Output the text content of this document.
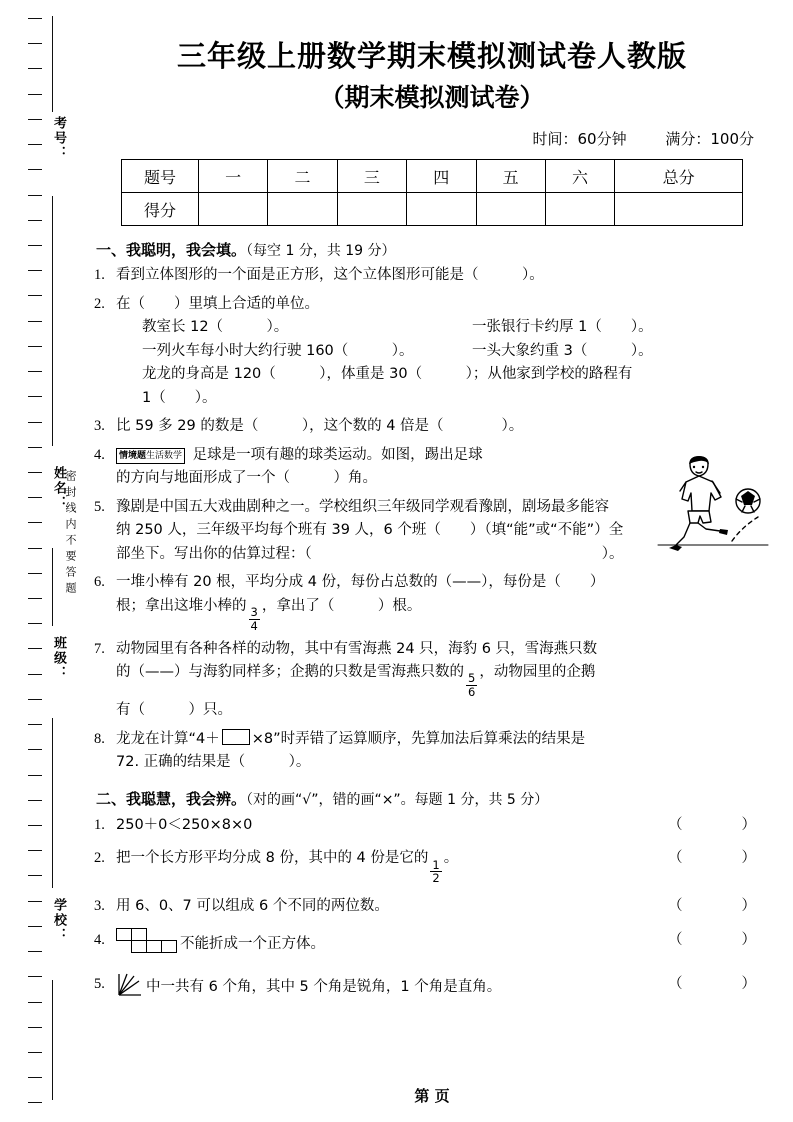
考号：
姓名：
班级：
学校：
密封线内不要答题
三年级上册数学期末模拟测试卷人教版
（期末模拟测试卷）
时间：60分钟	满分：100分
题号	一	二	三	四	五	六	总分
得分							
一、我聪明，我会填。（每空 1 分，共 19 分）
1. 看到立体图形的一个面是正方形，这个立体图形可能是（　　　）。
2. 在（　　）里填上合适的单位。
教室长 12（　　　）。	一张银行卡约厚 1（　　）。
一列火车每小时大约行驶 160（　　　）。	一头大象约重 3（　　　）。
龙龙的身高是 120（　　　），体重是 30（　　　）；从他家到学校的路程有
1（　　）。
3. 比 59 多 29 的数是（　　　），这个数的 4 倍是（　　　　）。
4.	情境题生活数学 足球是一项有趣的球类运动。如图，踢出足球
的方向与地面形成了一个（　　　）角。
5. 豫剧是中国五大戏曲剧种之一。学校组织三年级同学观看豫剧，剧场最多能容
纳 250 人，三年级平均每个班有 39 人，6 个班（　　）（填“能”或“不能”）全
部坐下。写出你的估算过程：（　　　　　　　　　　　　　　　　　　　　）。
6. 一堆小棒有 20 根，平均分成 4 份，每份占总数的（——），每份是（　　）
根；拿出这堆小棒的
$\frac{3}{4}$
，拿出了（　　　）根。
7. 动物园里有各种各样的动物，其中有雪海燕 24 只，海豹 6 只，雪海燕只数
的（——）与海豹同样多；企鹅的只数是雪海燕只数的
$\frac{5}{6}$
，动物园里的企鹅
有（　　　）只。
8. 龙龙在计算“4＋ ×8”时弄错了运算顺序，先算加法后算乘法的结果是
72. 正确的结果是（　　　）。
二、我聪慧，我会辨。（对的画“√”，错的画“×”。每题 1 分，共 5 分）
1. 250＋0＜250×8×0	（　　）
2. 把一个长方形平均分成 8 份，其中的 4 份是它的
$\frac{1}{2}$
。	（　　）
3. 用 6、0、7 可以组成 6 个不同的两位数。	（　　）
4.	不能折成一个正方体。	（　　）
5.	中一共有 6 个角，其中 5 个角是锐角，1 个角是直角。	（　　）
第 页
